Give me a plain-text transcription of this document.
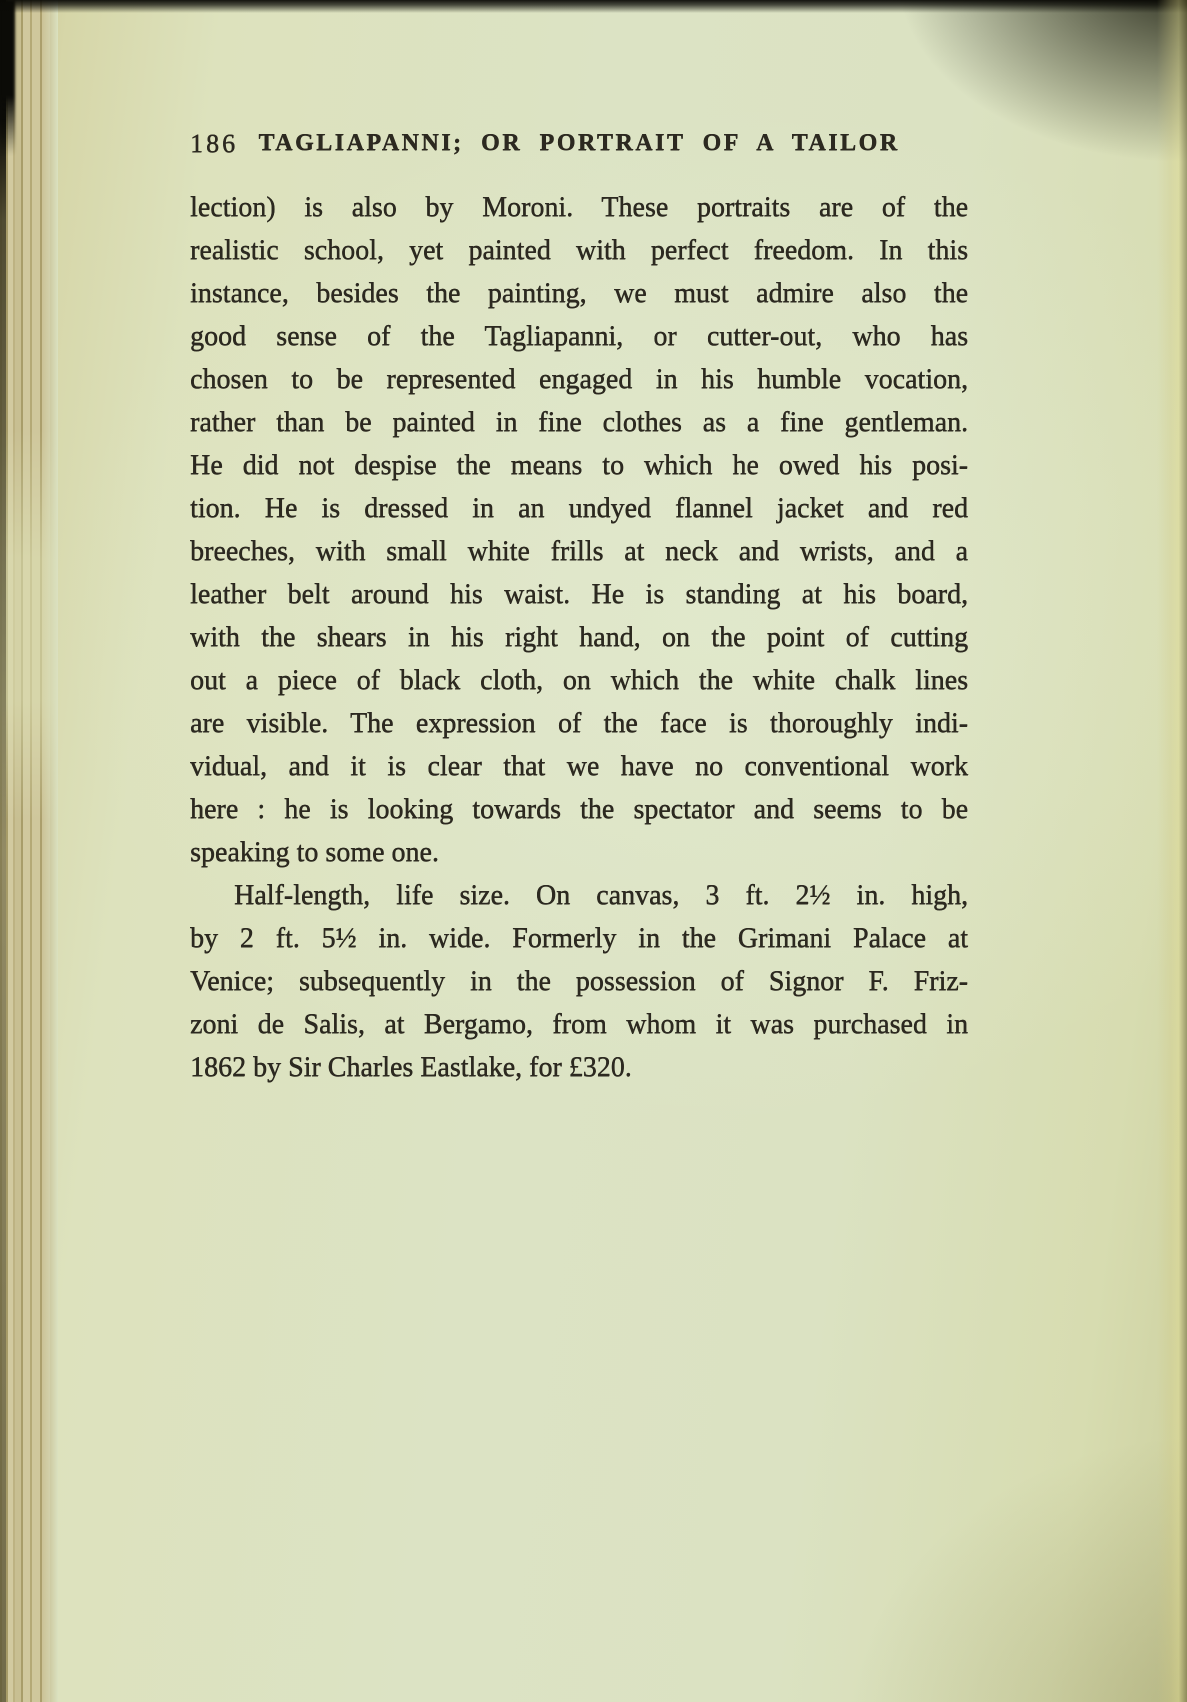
186 TAGLIAPANNI; OR PORTRAIT OF A TAILOR
lection) is also by Moroni. These portraits are of the
realistic school, yet painted with perfect freedom. In this
instance, besides the painting, we must admire also the
good sense of the Tagliapanni, or cutter-out, who has
chosen to be represented engaged in his humble vocation,
rather than be painted in fine clothes as a fine gentleman.
He did not despise the means to which he owed his posi-
tion. He is dressed in an undyed flannel jacket and red
breeches, with small white frills at neck and wrists, and a
leather belt around his waist. He is standing at his board,
with the shears in his right hand, on the point of cutting
out a piece of black cloth, on which the white chalk lines
are visible. The expression of the face is thoroughly indi-
vidual, and it is clear that we have no conventional work
here : he is looking towards the spectator and seems to be
speaking to some one.
Half-length, life size. On canvas, 3 ft. 2½ in. high,
by 2 ft. 5½ in. wide. Formerly in the Grimani Palace at
Venice; subsequently in the possession of Signor F. Friz-
zoni de Salis, at Bergamo, from whom it was purchased in
1862 by Sir Charles Eastlake, for £320.
